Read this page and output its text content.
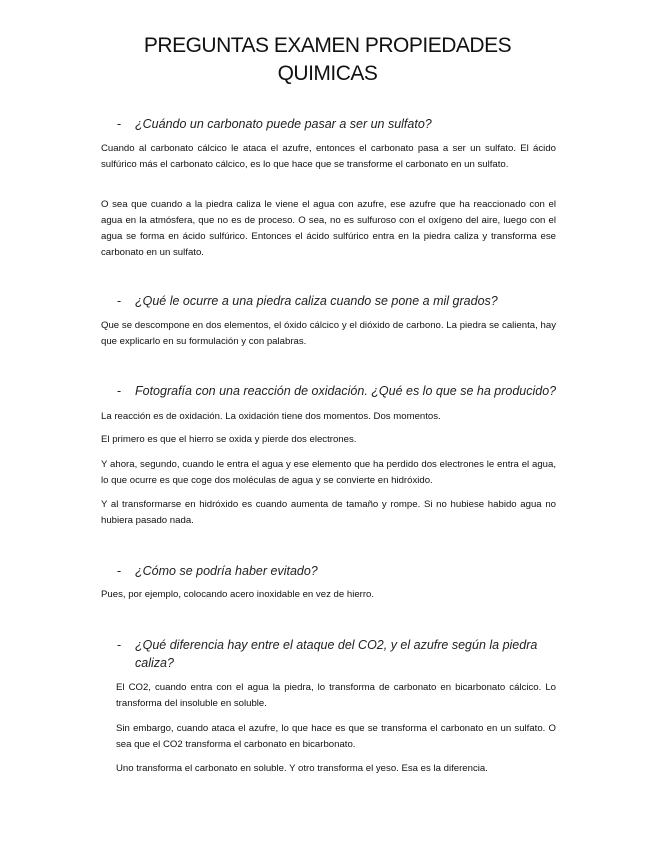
PREGUNTAS EXAMEN PROPIEDADES
QUIMICAS
-	¿Cuándo un carbonato puede pasar a ser un sulfato?

Cuando al carbonato cálcico le ataca el azufre, entonces el carbonato pasa a ser un sulfato. El ácido sulfúrico más el carbonato cálcico, es lo que hace que se transforme el carbonato en un sulfato.

O sea que cuando a la piedra caliza le viene el agua con azufre, ese azufre que ha reaccionado con el agua en la atmósfera, que no es de proceso. O sea, no es sulfuroso con el oxígeno del aire, luego con el agua se forma en ácido sulfúrico. Entonces el ácido sulfúrico entra en la piedra caliza y transforma ese carbonato en un sulfato.

-	¿Qué le ocurre a una piedra caliza cuando se pone a mil grados?

Que se descompone en dos elementos, el óxido cálcico y el dióxido de carbono. La piedra se calienta, hay que explicarlo en su formulación y con palabras.

-	Fotografía con una reacción de oxidación. ¿Qué es lo que se ha producido?

La reacción es de oxidación. La oxidación tiene dos momentos. Dos momentos.

El primero es que el hierro se oxida y pierde dos electrones.

Y ahora, segundo, cuando le entra el agua y ese elemento que ha perdido dos electrones le entra el agua, lo que ocurre es que coge dos moléculas de agua y se convierte en hidróxido.

Y al transformarse en hidróxido es cuando aumenta de tamaño y rompe. Si no hubiese habido agua no hubiera pasado nada.

-	¿Cómo se podría haber evitado?

Pues, por ejemplo, colocando acero inoxidable en vez de hierro.

-	¿Qué diferencia hay entre el ataque del CO2, y el azufre según la piedra
caliza?

El CO2, cuando entra con el agua la piedra, lo transforma de carbonato en bicarbonato cálcico. Lo transforma del insoluble en soluble.

Sin embargo, cuando ataca el azufre, lo que hace es que se transforma el carbonato en un sulfato. O sea que el CO2 transforma el carbonato en bicarbonato.

Uno transforma el carbonato en soluble. Y otro transforma el yeso. Esa es la diferencia.
